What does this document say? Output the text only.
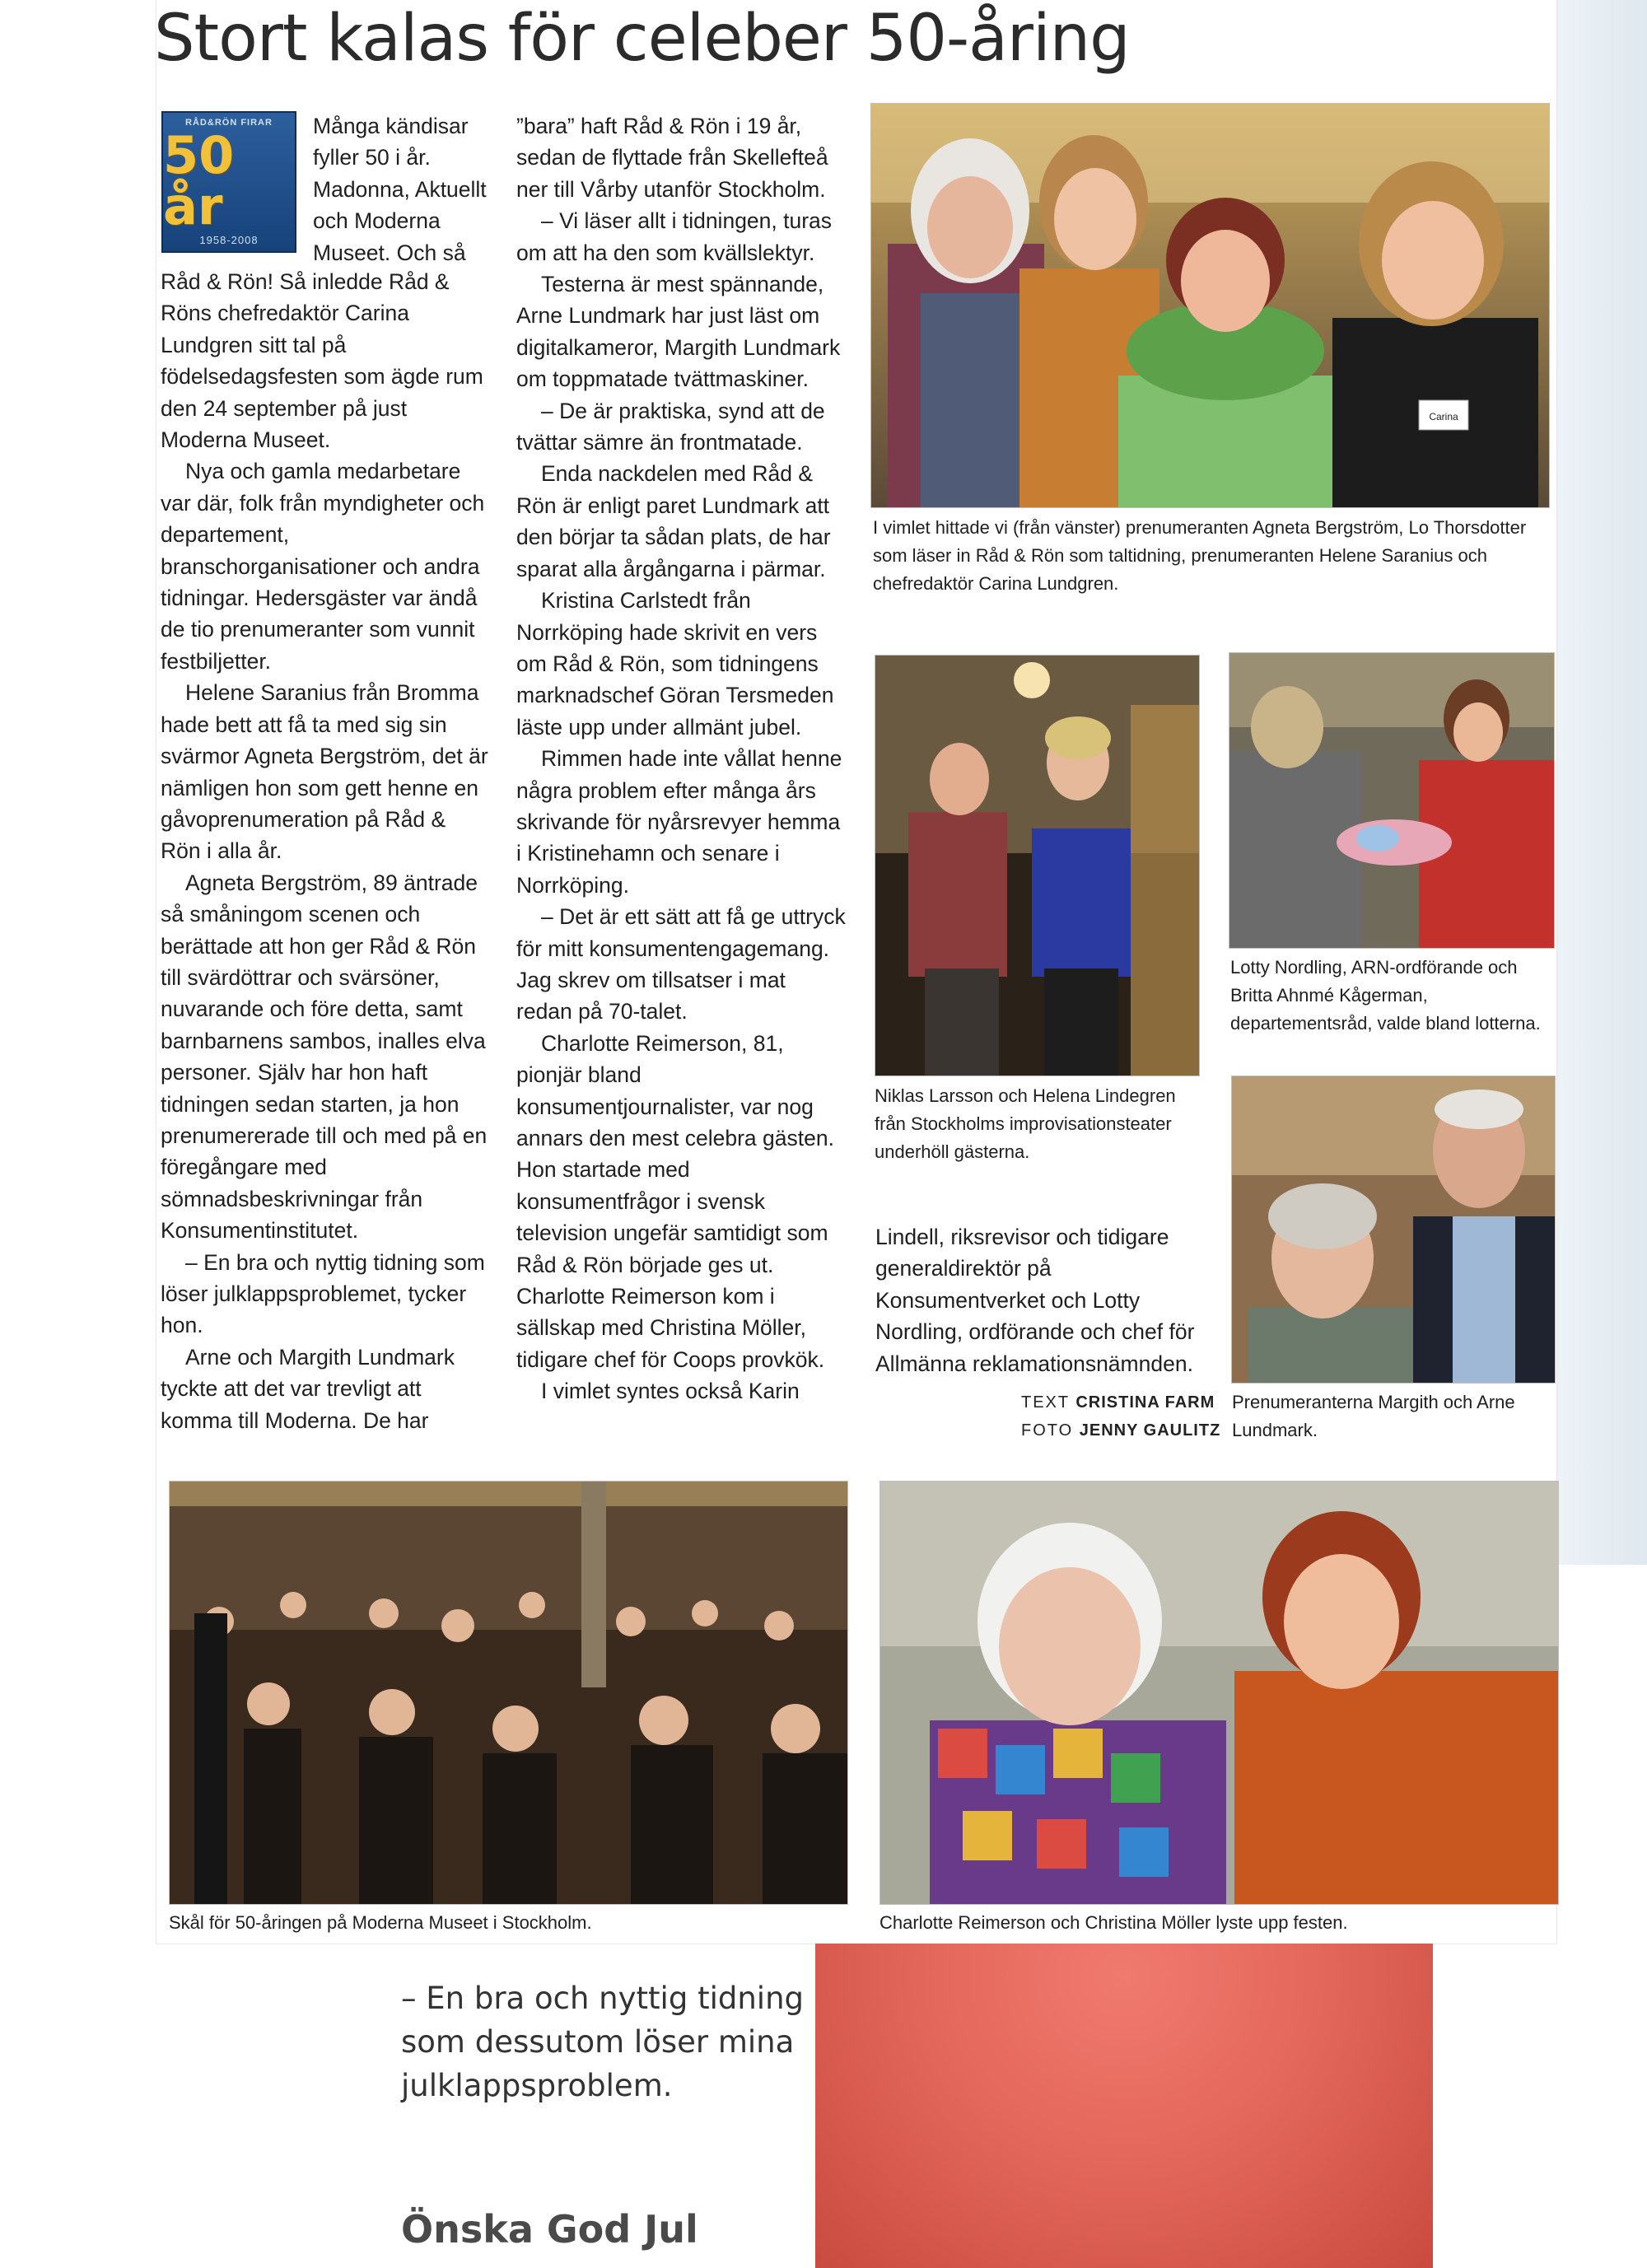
Stort kalas för celeber 50-åring
RÅD&RÖN FIRAR
50 år
1958-2008

Många kändisar fyller 50 i år. Madonna, Aktuellt och Moderna Museet. Och så

Råd & Rön! Så inledde Råd & Röns chefredaktör Carina Lundgren sitt tal på födelsedagsfesten som ägde rum den 24 september på just Moderna Museet.

Nya och gamla medarbetare var där, folk från myndigheter och departement, branschorganisationer och andra tidningar. Hedersgäster var ändå de tio prenumeranter som vunnit festbiljetter.

Helene Saranius från Bromma hade bett att få ta med sig sin svärmor Agneta Bergström, det är nämligen hon som gett henne en gåvoprenumeration på Råd & Rön i alla år.

Agneta Bergström, 89 äntrade så småningom scenen och berättade att hon ger Råd & Rön till svärdöttrar och svärsöner, nuvarande och före detta, samt barnbarnens sambos, inalles elva personer. Själv har hon haft tidningen sedan starten, ja hon prenumererade till och med på en föregångare med sömnadsbeskrivningar från Konsumentinstitutet.

– En bra och nyttig tidning som löser julklappsproblemet, tycker hon.

Arne och Margith Lundmark tyckte att det var trevligt att komma till Moderna. De har

”bara” haft Råd & Rön i 19 år, sedan de flyttade från Skellefteå ner till Vårby utanför Stockholm.

– Vi läser allt i tidningen, turas om att ha den som kvällslektyr.

Testerna är mest spännande, Arne Lundmark har just läst om digitalkameror, Margith Lundmark om toppmatade tvättmaskiner.

– De är praktiska, synd att de tvättar sämre än frontmatade.

Enda nackdelen med Råd & Rön är enligt paret Lundmark att den börjar ta sådan plats, de har sparat alla årgångarna i pärmar.

Kristina Carlstedt från Norrköping hade skrivit en vers om Råd & Rön, som tidningens marknadschef Göran Tersmeden läste upp under allmänt jubel.

Rimmen hade inte vållat henne några problem efter många års skrivande för nyårsrevyer hemma i Kristinehamn och senare i Norrköping.

– Det är ett sätt att få ge uttryck för mitt konsumentengagemang. Jag skrev om tillsatser i mat redan på 70-talet.

Charlotte Reimerson, 81, pionjär bland konsumentjournalister, var nog annars den mest celebra gästen. Hon startade med konsumentfrågor i svensk television ungefär samtidigt som Råd & Rön började ges ut. Charlotte Reimerson kom i sällskap med Christina Möller, tidigare chef för Coops provkök.

I vimlet syntes också Karin

Lindell, riksrevisor och tidigare generaldirektör på Konsumentverket och Lotty Nordling, ordförande och chef för Allmänna reklamationsnämnden.

TEXT CRISTINA FARM
FOTO JENNY GAULITZ
Carina

I vimlet hittade vi (från vänster) prenumeranten Agneta Bergström, Lo Thorsdotter som läser in Råd & Rön som taltidning, prenumeranten Helene Saranius och chefredaktör Carina Lundgren.

Niklas Larsson och Helena Lindegren från Stockholms improvisationsteater underhöll gästerna.

Lotty Nordling, ARN-ordförande och Britta Ahnmé Kågerman, departementsråd, valde bland lotterna.

Prenumeranterna Margith och Arne Lundmark.

Skål för 50-åringen på Moderna Museet i Stockholm.	Charlotte Reimerson och Christina Möller lyste upp festen.

– En bra och nyttig tidning som dessutom löser mina julklappsproblem.

Önska God Jul
